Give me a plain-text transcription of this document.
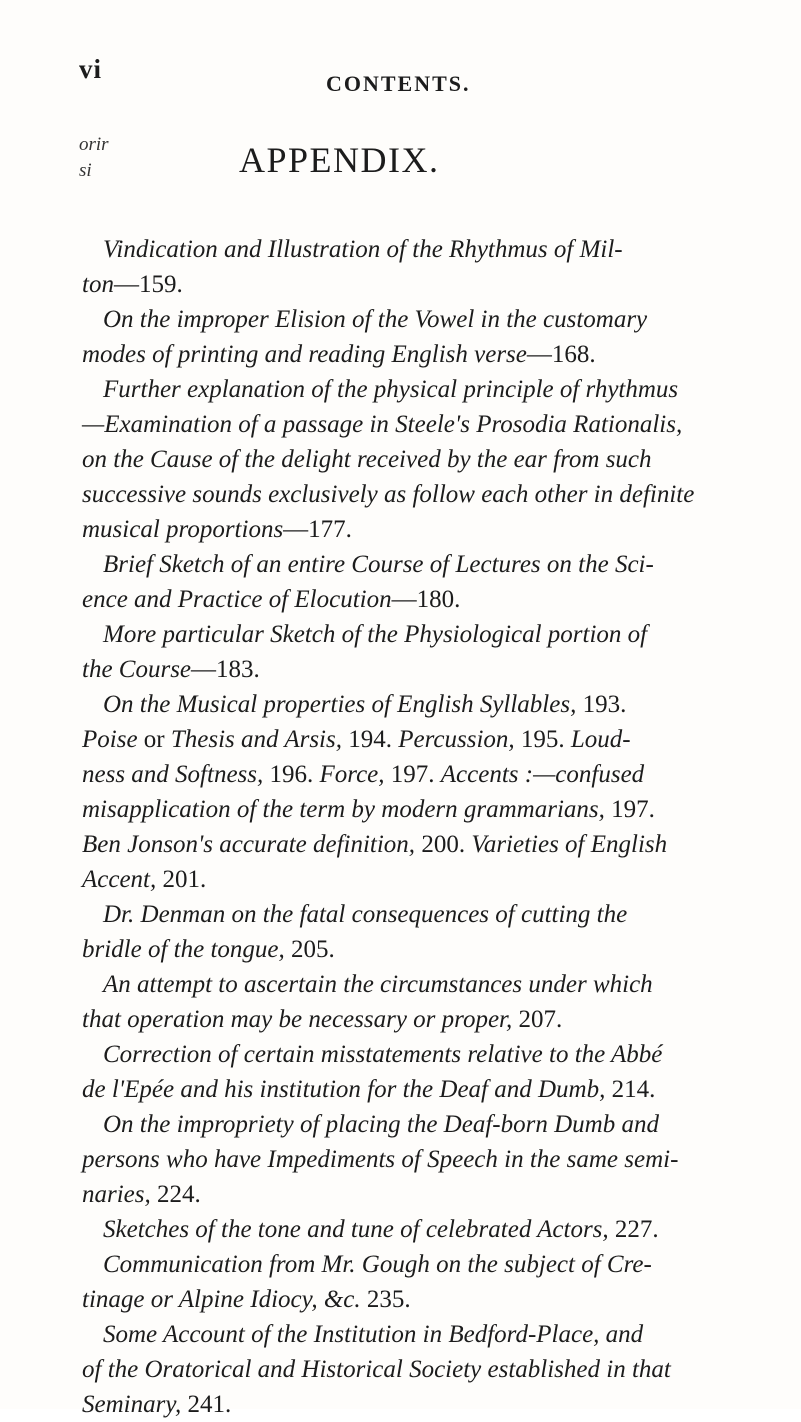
vi	CONTENTS.
orir
si	APPENDIX.
Vindication and Illustration of the Rhythmus of Mil-
ton—159.
On the improper Elision of the Vowel in the customary
modes of printing and reading English verse—168.
Further explanation of the physical principle of rhythmus
—Examination of a passage in Steele's Prosodia Rationalis,
on the Cause of the delight received by the ear from such
successive sounds exclusively as follow each other in definite
musical proportions—177.
Brief Sketch of an entire Course of Lectures on the Sci-
ence and Practice of Elocution—180.
More particular Sketch of the Physiological portion of
the Course—183.
On the Musical properties of English Syllables, 193.
Poise or Thesis and Arsis, 194. Percussion, 195. Loud-
ness and Softness, 196. Force, 197. Accents :—confused
misapplication of the term by modern grammarians, 197.
Ben Jonson's accurate definition, 200. Varieties of English
Accent, 201.
Dr. Denman on the fatal consequences of cutting the
bridle of the tongue, 205.
An attempt to ascertain the circumstances under which
that operation may be necessary or proper, 207.
Correction of certain misstatements relative to the Abbé
de l'Epée and his institution for the Deaf and Dumb, 214.
On the impropriety of placing the Deaf-born Dumb and
persons who have Impediments of Speech in the same semi-
naries, 224.
Sketches of the tone and tune of celebrated Actors, 227.
Communication from Mr. Gough on the subject of Cre-
tinage or Alpine Idiocy, &c. 235.
Some Account of the Institution in Bedford-Place, and
of the Oratorical and Historical Society established in that
Seminary, 241.
